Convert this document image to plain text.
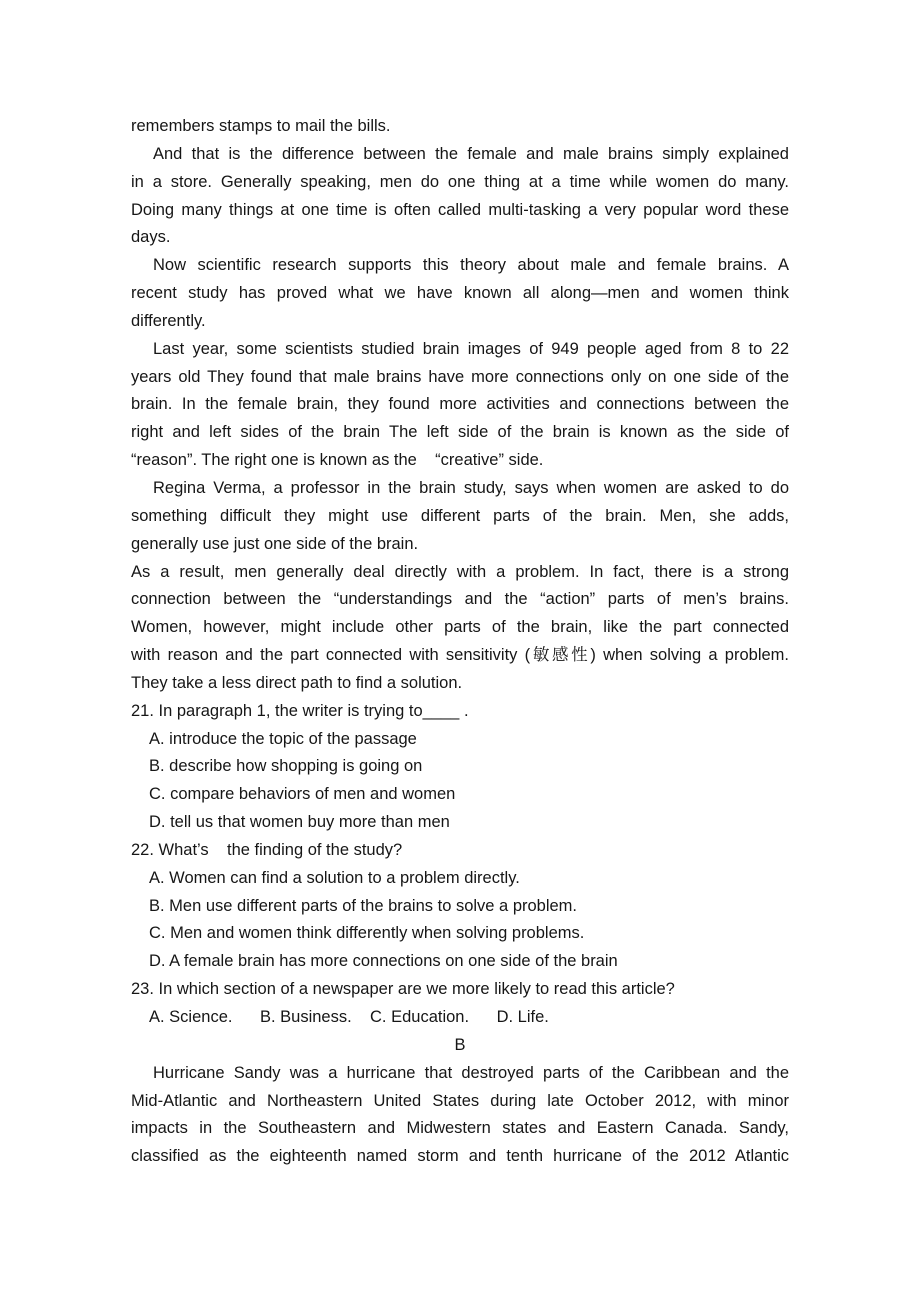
remembers stamps to mail the bills.

And that is the difference between the female and male brains simply explained

in a store. Generally speaking, men do one thing at a time while women do many.

Doing many things at one time is often called multi-tasking a very popular word these

days.

Now scientific research supports this theory about male and female brains. A

recent study has proved what we have known all along—men and women think

differently.

Last year, some scientists studied brain images of 949 people aged from 8 to 22

years old They found that male brains have more connections only on one side of the

brain. In the female brain, they found more activities and connections between the

right and left sides of the brain The left side of the brain is known as the side of

“reason”. The right one is known as the    “creative” side.

Regina Verma, a professor in the brain study, says when women are asked to do

something difficult they might use different parts of the brain. Men, she adds,

generally use just one side of the brain.

As a result, men generally deal directly with a problem. In fact, there is a strong

connection between the “understandings and the “action” parts of men’s brains.

Women, however, might include other parts of the brain, like the part connected

with reason and the part connected with sensitivity (敏感性) when solving a problem.

They take a less direct path to find a solution.

21. In paragraph 1, the writer is trying to____ .

A. introduce the topic of the passage

B. describe how shopping is going on

C. compare behaviors of men and women

D. tell us that women buy more than men

22. What’s    the finding of the study?

A. Women can find a solution to a problem directly.

B. Men use different parts of the brains to solve a problem.

C. Men and women think differently when solving problems.

D. A female brain has more connections on one side of the brain

23. In which section of a newspaper are we more likely to read this article?

A. Science.      B. Business.    C. Education.      D. Life.

B

Hurricane Sandy was a hurricane that destroyed parts of the Caribbean and the

Mid-Atlantic and Northeastern United States during late October 2012, with minor

impacts in the Southeastern and Midwestern states and Eastern Canada. Sandy,

classified as the eighteenth named storm and tenth hurricane of the 2012 Atlantic
